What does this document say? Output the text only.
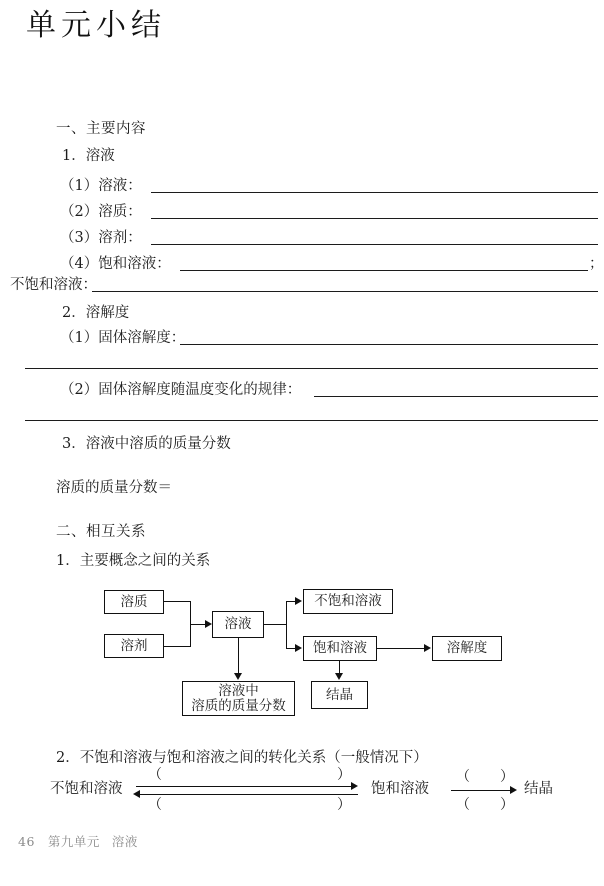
单元小结
一、主要内容
1．溶液
（1）溶液：
（2）溶质：
（3）溶剂：
（4）饱和溶液：	；
不饱和溶液：
2．溶解度
（1）固体溶解度：
（2）固体溶解度随温度变化的规律：
3．溶液中溶质的质量分数
溶质的质量分数＝
二、相互关系
1．主要概念之间的关系
溶质
溶剂
溶液
不饱和溶液
饱和溶液	溶解度
溶液中
溶质的质量分数
结晶
2．不饱和溶液与饱和溶液之间的转化关系（一般情况下）
不饱和溶液	饱和溶液	结晶
（	）
（	）
（ ）
（ ）
46 第九单元 溶液
